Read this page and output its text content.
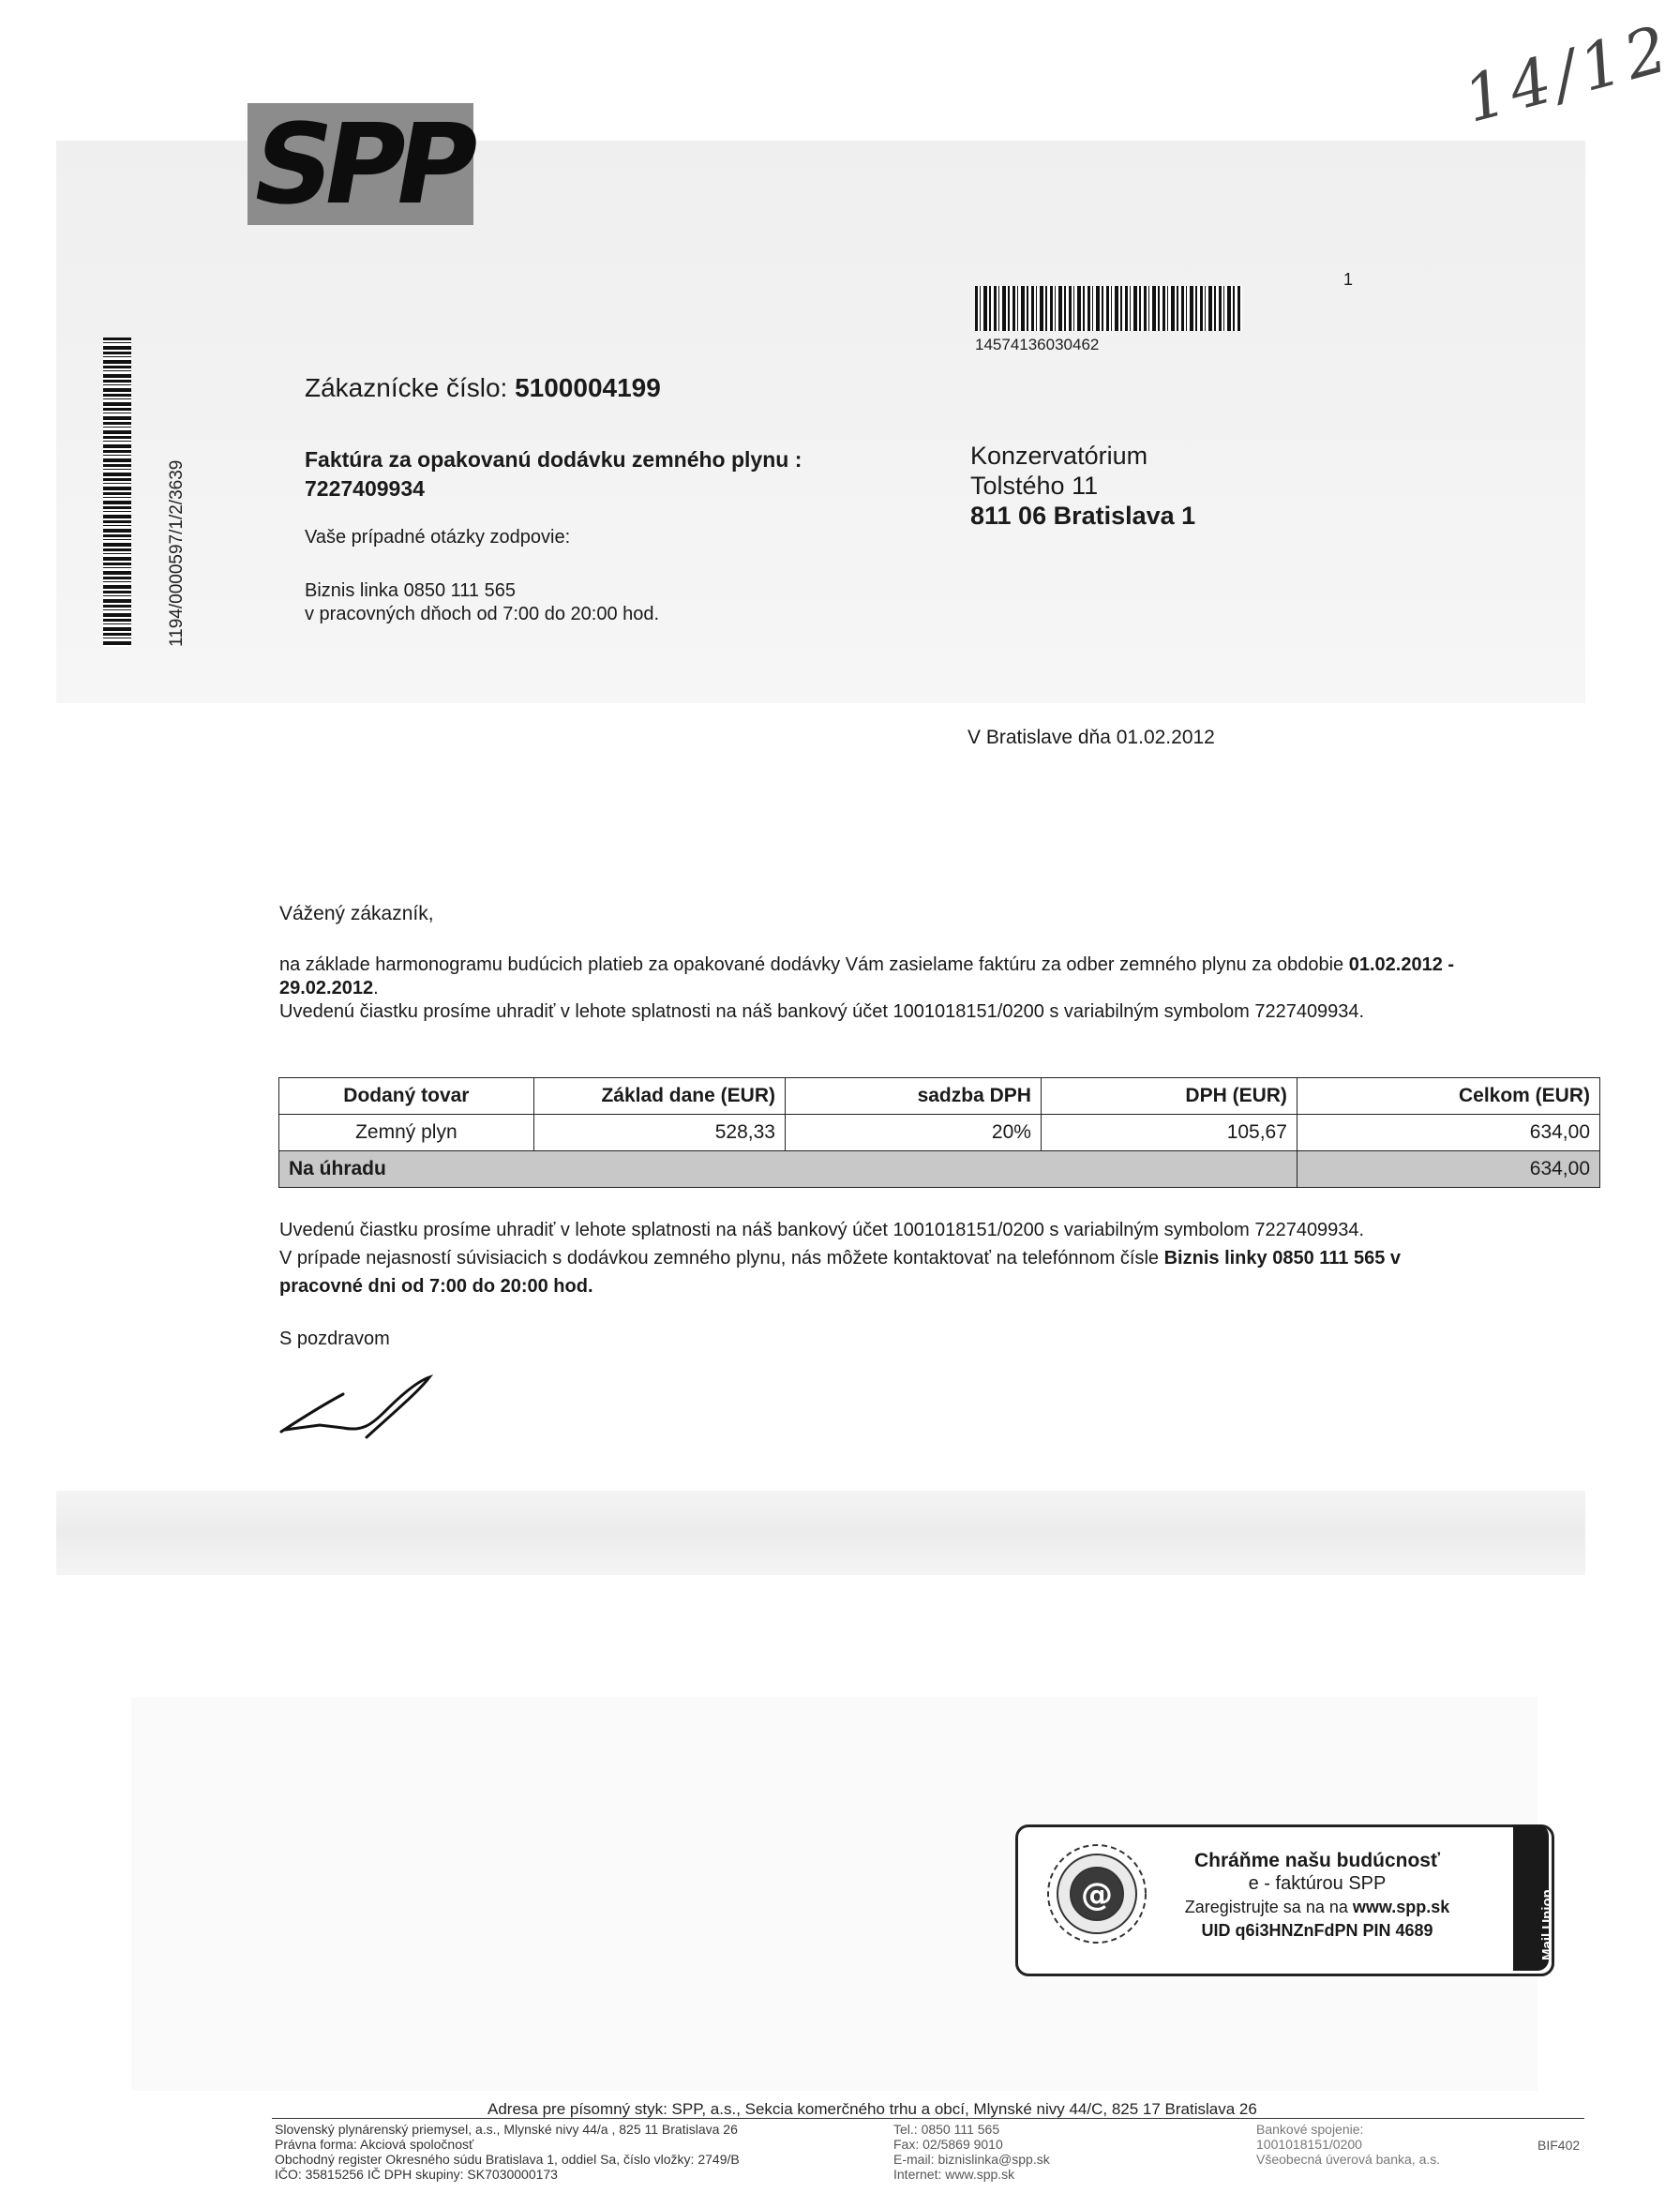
SPP
14/12
1194/0000597/1/2/3639
14574136030462
1
Zákaznícke číslo: 5100004199
Faktúra za opakovanú dodávku zemného plynu :
7227409934
Vaše prípadné otázky zodpovie:
Biznis linka 0850 111 565
v pracovných dňoch od 7:00 do 20:00 hod.
Konzervatórium
Tolstého 11
811 06 Bratislava 1
V Bratislave dňa 01.02.2012
Vážený zákazník,
na základe harmonogramu budúcich platieb za opakované dodávky Vám zasielame faktúru za odber zemného plynu za obdobie 01.02.2012 -
29.02.2012.
Uvedenú čiastku prosíme uhradiť v lehote splatnosti na náš bankový účet 1001018151/0200 s variabilným symbolom 7227409934.
Dodaný tovar	Základ dane (EUR)	sadzba DPH	DPH (EUR)	Celkom (EUR)
Zemný plyn	528,33	20%	105,67	634,00
Na úhradu				634,00
Uvedenú čiastku prosíme uhradiť v lehote splatnosti na náš bankový účet 1001018151/0200 s variabilným symbolom 7227409934.
V prípade nejasností súvisiacich s dodávkou zemného plynu, nás môžete kontaktovať na telefónnom čísle Biznis linky 0850 111 565 v
pracovné dni od 7:00 do 20:00 hod.
S pozdravom
@
Chráňme našu budúcnosť
e - faktúrou SPP
Zaregistrujte sa na na www.spp.sk
UID q6i3HNZnFdPN PIN 4689	Mail Union
Adresa pre písomný styk: SPP, a.s., Sekcia komerčného trhu a obcí, Mlynské nivy 44/C, 825 17 Bratislava 26
Slovenský plynárenský priemysel, a.s., Mlynské nivy 44/a , 825 11 Bratislava 26
Právna forma: Akciová spoločnosť
Obchodný register Okresného súdu Bratislava 1, oddiel Sa, číslo vložky: 2749/B
IČO: 35815256 IČ DPH skupiny: SK7030000173
Tel.: 0850 111 565
Fax: 02/5869 9010
E-mail: biznislinka@spp.sk
Internet: www.spp.sk
Bankové spojenie:
1001018151/0200
Všeobecná úverová banka, a.s.
BIF402
